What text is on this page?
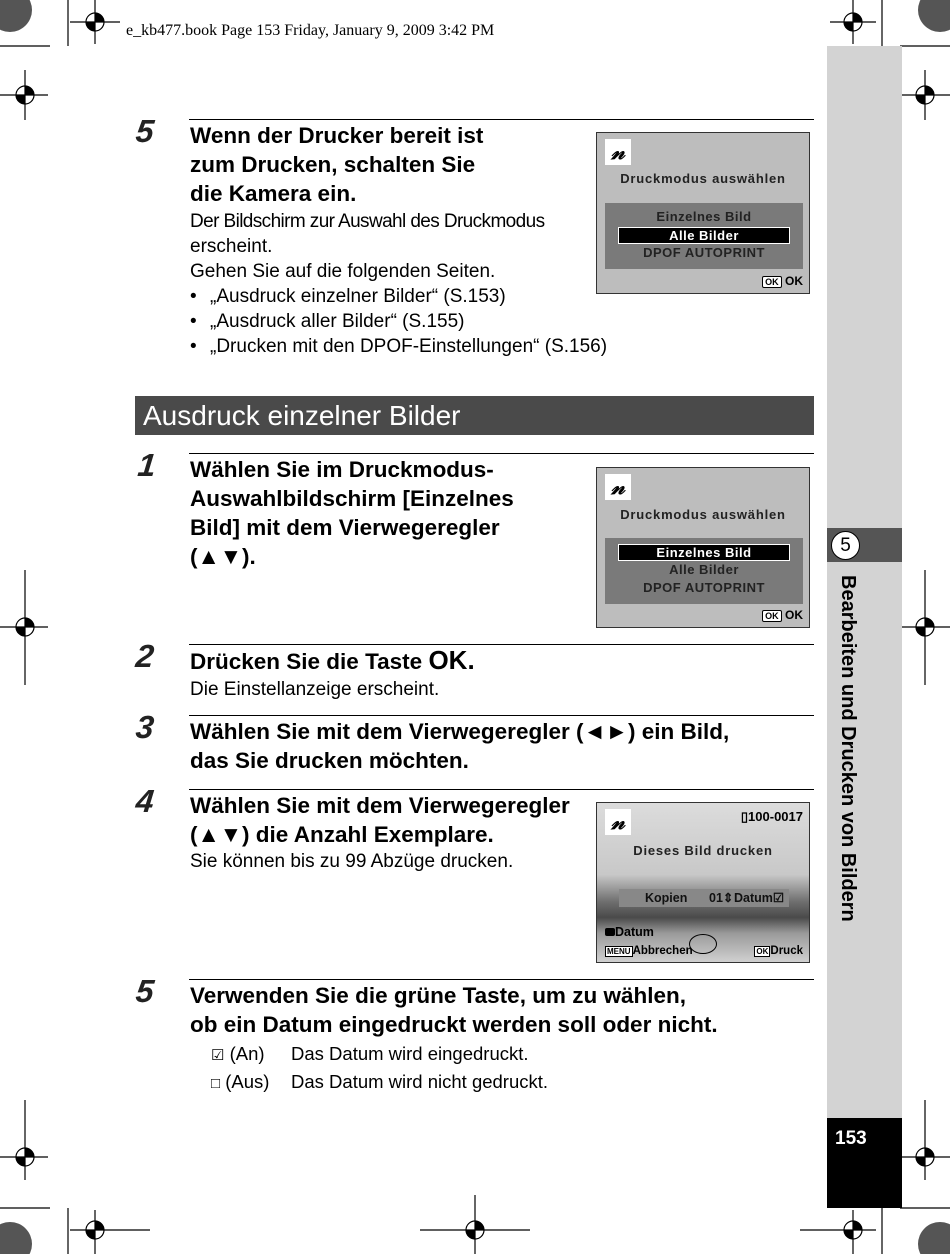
e_kb477.book Page 153 Friday, January 9, 2009 3:42 PM
5
Bearbeiten und Drucken von Bildern
153
5 Wenn der Drucker bereit ist
zum Drucken, schalten Sie
die Kamera ein.
Der Bildschirm zur Auswahl des Druckmodus
erscheint.
Gehen Sie auf die folgenden Seiten.
• „Ausdruck einzelner Bilder“ (S.153)
• „Ausdruck aller Bilder“ (S.155)
• „Drucken mit den DPOF-Einstellungen“ (S.156)
𝓃
Druckmodus auswählen
Einzelnes Bild
Alle Bilder
DPOF AUTOPRINT
OK OK
Ausdruck einzelner Bilder
1 Wählen Sie im Druckmodus-
Auswahlbildschirm [Einzelnes
Bild] mit dem Vierwegeregler
(▲▼).
𝓃
Druckmodus auswählen
Einzelnes Bild
Alle Bilder
DPOF AUTOPRINT
OK OK
2 Drücken Sie die Taste OK.
Die Einstellanzeige erscheint.
3 Wählen Sie mit dem Vierwegeregler (◄►) ein Bild,
das Sie drucken möchten.
4 Wählen Sie mit dem Vierwegeregler
(▲▼) die Anzahl Exemplare.
Sie können bis zu 99 Abzüge drucken.
𝓃	▯100-0017
Dieses Bild drucken
Kopien 01⇕ Datum☑
Datum
MENU Abbrechen	OK Druck
5 Verwenden Sie die grüne Taste, um zu wählen,
ob ein Datum eingedruckt werden soll oder nicht.
☑ (An) Das Datum wird eingedruckt.
□ (Aus) Das Datum wird nicht gedruckt.
